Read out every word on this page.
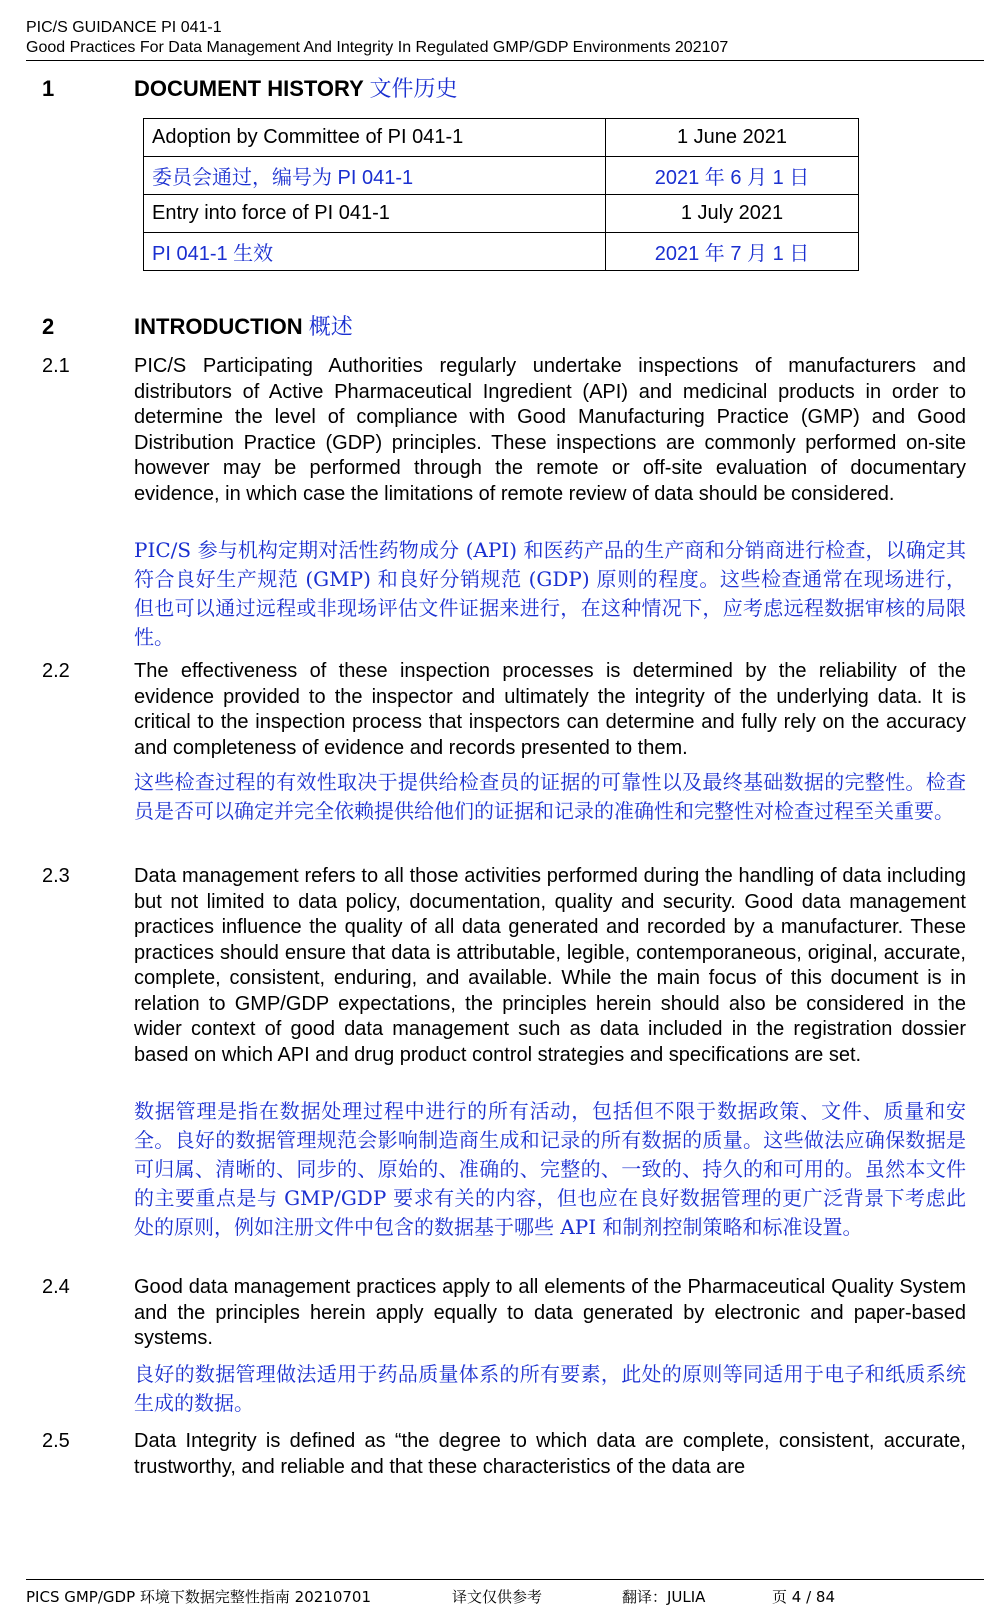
PIC/S GUIDANCE PI 041-1
Good Practices For Data Management And Integrity In Regulated GMP/GDP Environments 202107
1	DOCUMENT HISTORY 文件历史
Adoption by Committee of PI 041-1	1 June 2021
委员会通过，编号为 PI 041-1	2021 年 6 月 1 日
Entry into force of PI 041-1	1 July 2021
PI 041-1 生效	2021 年 7 月 1 日
2	INTRODUCTION 概述
2.1	PIC/S Participating Authorities regularly undertake inspections of manufacturers and distributors of Active Pharmaceutical Ingredient (API) and medicinal products in order to determine the level of compliance with Good Manufacturing Practice (GMP) and Good Distribution Practice (GDP) principles. These inspections are commonly performed on-site however may be performed through the remote or off-site evaluation of documentary evidence, in which case the limitations of remote review of data should be considered.
PIC/S 参与机构定期对活性药物成分 (API) 和医药产品的生产商和分销商进行检查，以确定其符合良好生产规范 (GMP) 和良好分销规范 (GDP) 原则的程度。这些检查通常在现场进行，但也可以通过远程或非现场评估文件证据来进行，在这种情况下，应考虑远程数据审核的局限性。
2.2	The effectiveness of these inspection processes is determined by the reliability of the evidence provided to the inspector and ultimately the integrity of the underlying data. It is critical to the inspection process that inspectors can determine and fully rely on the accuracy and completeness of evidence and records presented to them.
这些检查过程的有效性取决于提供给检查员的证据的可靠性以及最终基础数据的完整性。检查员是否可以确定并完全依赖提供给他们的证据和记录的准确性和完整性对检查过程至关重要。
2.3	Data management refers to all those activities performed during the handling of data including but not limited to data policy, documentation, quality and security. Good data management practices influence the quality of all data generated and recorded by a manufacturer. These practices should ensure that data is attributable, legible, contemporaneous, original, accurate, complete, consistent, enduring, and available. While the main focus of this document is in relation to GMP/GDP expectations, the principles herein should also be considered in the wider context of good data management such as data included in the registration dossier based on which API and drug product control strategies and specifications are set.
数据管理是指在数据处理过程中进行的所有活动，包括但不限于数据政策、文件、质量和安全。良好的数据管理规范会影响制造商生成和记录的所有数据的质量。这些做法应确保数据是可归属、清晰的、同步的、原始的、准确的、完整的、一致的、持久的和可用的。虽然本文件的主要重点是与 GMP/GDP 要求有关的内容，但也应在良好数据管理的更广泛背景下考虑此处的原则，例如注册文件中包含的数据基于哪些 API 和制剂控制策略和标准设置。
2.4	Good data management practices apply to all elements of the Pharmaceutical Quality System and the principles herein apply equally to data generated by electronic and paper-based systems.
良好的数据管理做法适用于药品质量体系的所有要素，此处的原则等同适用于电子和纸质系统生成的数据。
2.5	Data Integrity is defined as “the degree to which data are complete, consistent, accurate, trustworthy, and reliable and that these characteristics of the data are
PICS GMP/GDP 环境下数据完整性指南 20210701	译文仅供参考	翻译：JULIA	页 4 / 84
